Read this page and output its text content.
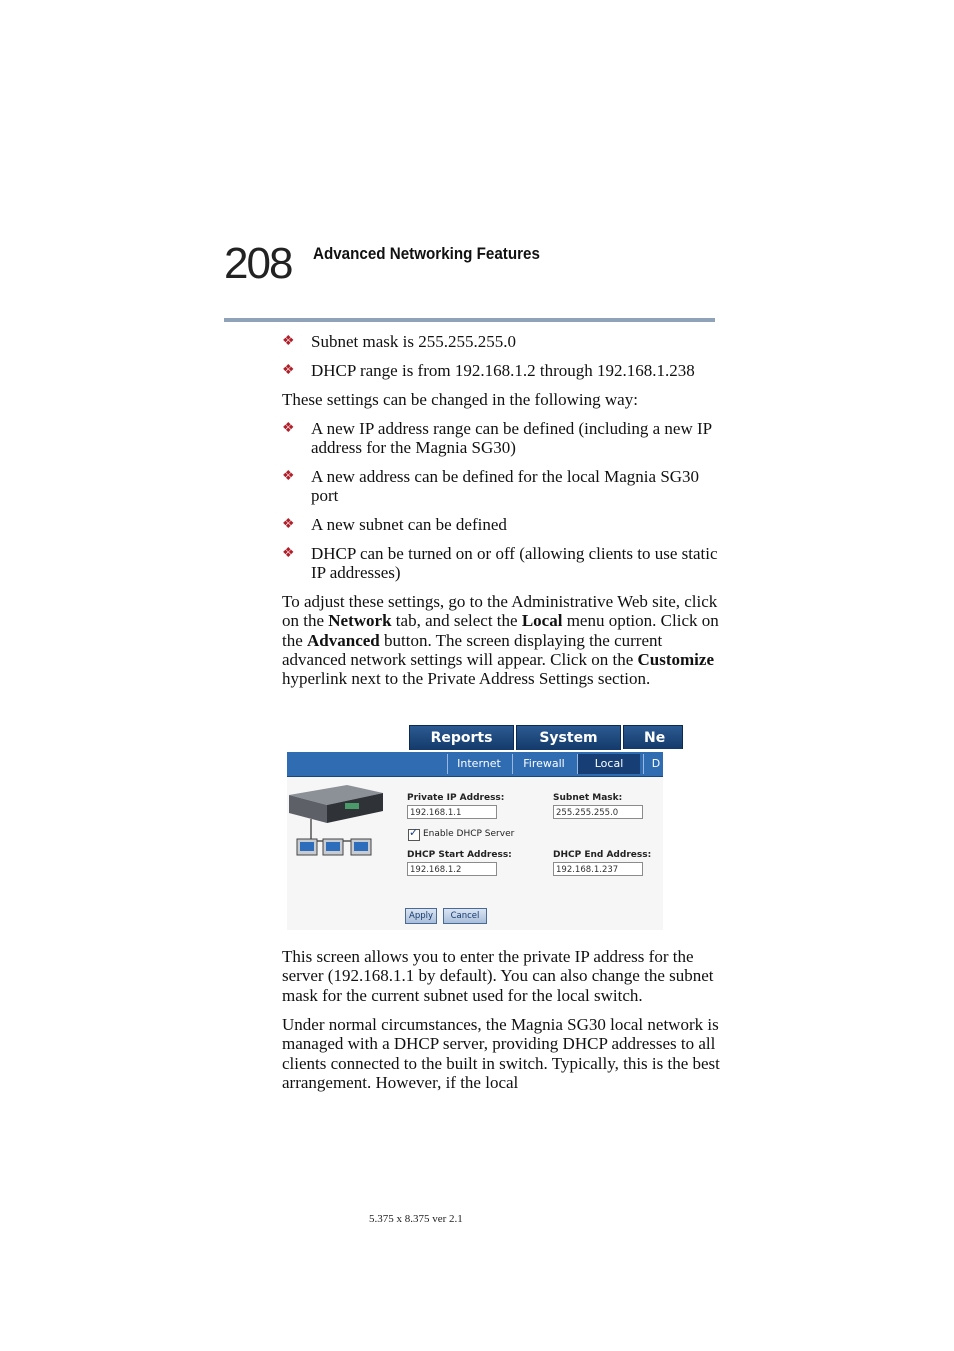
208 Advanced Networking Features
❖ Subnet mask is 255.255.255.0
❖ DHCP range is from 192.168.1.2 through 192.168.1.238
These settings can be changed in the following way:
❖ A new IP address range can be defined (including a new IP address for the Magnia SG30)
❖ A new address can be defined for the local Magnia SG30 port
❖ A new subnet can be defined
❖ DHCP can be turned on or off (allowing clients to use static IP addresses)
To adjust these settings, go to the Administrative Web site, click on the Network tab, and select the Local menu option. Click on the Advanced button. The screen displaying the current advanced network settings will appear. Click on the Customize hyperlink next to the Private Address Settings section.
Reports	System	Ne
Internet	Firewall	Local	D
Private IP Address:
192.168.1.1
Subnet Mask:
255.255.255.0
✓
Enable DHCP Server
DHCP Start Address:
192.168.1.2
DHCP End Address:
192.168.1.237
Apply	Cancel
This screen allows you to enter the private IP address for the server (192.168.1.1 by default). You can also change the subnet mask for the current subnet used for the local switch.
Under normal circumstances, the Magnia SG30 local network is managed with a DHCP server, providing DHCP addresses to all clients connected to the built in switch. Typically, this is the best arrangement. However, if the local
5.375 x 8.375 ver 2.1
